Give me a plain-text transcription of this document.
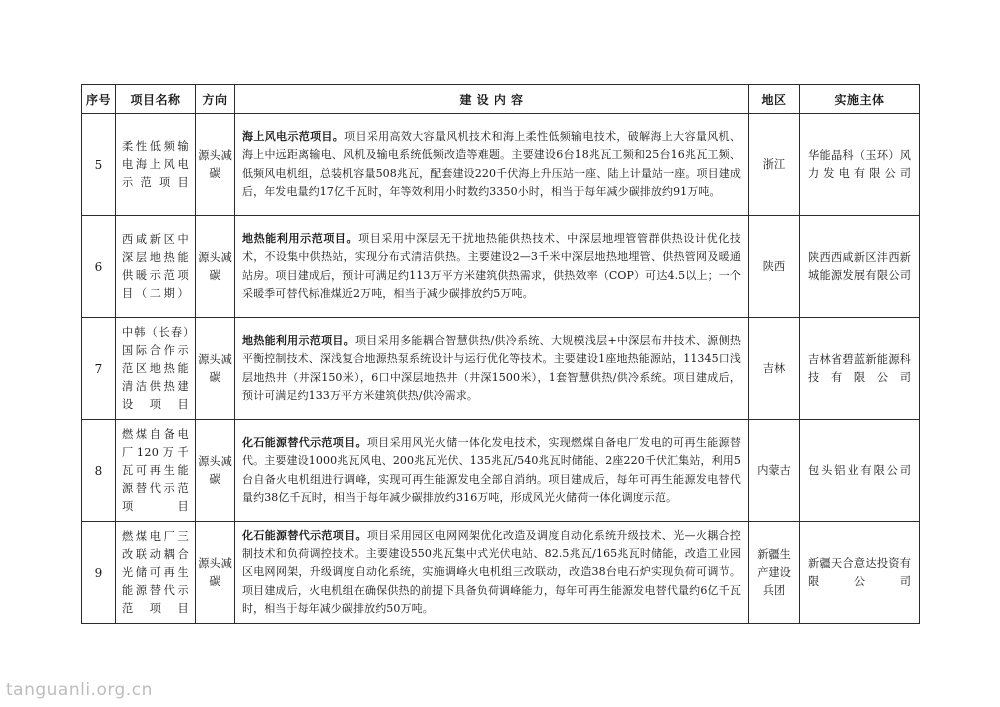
序号	项目名称	方向	建 设 内 容	地区	实施主体
5	柔性低频输电海上风电示范项目	源头减碳	海上风电示范项目。项目采用高效大容量风机技术和海上柔性低频输电技术，破解海上大容量风机、海上中远距离输电、风机及输电系统低频改造等难题。主要建设6台18兆瓦工频和25台16兆瓦工频、低频风电机组，总装机容量508兆瓦，配套建设220千伏海上升压站一座、陆上计量站一座。项目建成后，年发电量约17亿千瓦时，年等效利用小时数约3350小时，相当于每年减少碳排放约91万吨。	浙江	华能晶科（玉环）风力发电有限公司
6	西咸新区中深层地热能供暖示范项目（二期）	源头减碳	地热能利用示范项目。项目采用中深层无干扰地热能供热技术、中深层地埋管管群供热设计优化技术，不设集中供热站，实现分布式清洁供热。主要建设2—3千米中深层地热地埋管、供热管网及暖通站房。项目建成后，预计可满足约113万平方米建筑供热需求，供热效率（COP）可达4.5以上；一个采暖季可替代标准煤近2万吨，相当于减少碳排放约5万吨。	陕西	陕西西咸新区沣西新城能源发展有限公司
7	中韩（长春）国际合作示范区地热能清洁供热建设项目	源头减碳	地热能利用示范项目。项目采用多能耦合智慧供热/供冷系统、大规模浅层+中深层布井技术、源侧热平衡控制技术、深浅复合地源热泵系统设计与运行优化等技术。主要建设1座地热能源站，11345口浅层地热井（井深150米），6口中深层地热井（井深1500米），1套智慧供热/供冷系统。项目建成后，预计可满足约133万平方米建筑供热/供冷需求。	吉林	吉林省碧蓝新能源科技有限公司
8	燃煤自备电厂120万千瓦可再生能源替代示范项目	源头减碳	化石能源替代示范项目。项目采用风光火储一体化发电技术，实现燃煤自备电厂发电的可再生能源替代。主要建设1000兆瓦风电、200兆瓦光伏、135兆瓦/540兆瓦时储能、2座220千伏汇集站，利用5台自备火电机组进行调峰，实现可再生能源发电全部自消纳。项目建成后，每年可再生能源发电替代量约38亿千瓦时，相当于每年减少碳排放约316万吨，形成风光火储荷一体化调度示范。	内蒙古	包头铝业有限公司
9	燃煤电厂三改联动耦合光储可再生能源替代示范项目	源头减碳	化石能源替代示范项目。项目采用园区电网网架优化改造及调度自动化系统升级技术、光—火耦合控制技术和负荷调控技术。主要建设550兆瓦集中式光伏电站、82.5兆瓦/165兆瓦时储能，改造工业园区电网网架，升级调度自动化系统，实施调峰火电机组三改联动，改造38台电石炉实现负荷可调节。项目建成后，火电机组在确保供热的前提下具备负荷调峰能力，每年可再生能源发电替代量约6亿千瓦时，相当于每年减少碳排放约50万吨。	新疆生产建设兵团	新疆天合意达投资有限公司
tanguanli.org.cn
